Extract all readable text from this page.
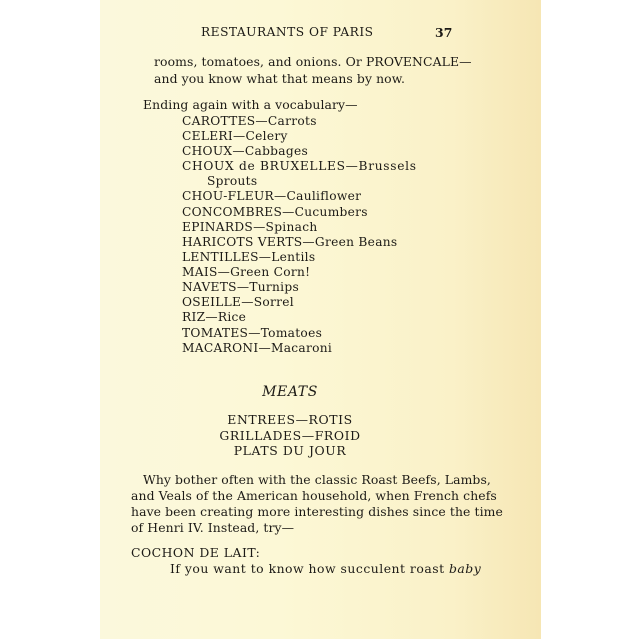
RESTAURANTS OF PARIS	37
rooms, tomatoes, and onions. Or PROVENCALE—
and you know what that means by now.
Ending again with a vocabulary—
CAROTTES—Carrots
CELERI—Celery
CHOUX—Cabbages
CHOUX de BRUXELLES—Brussels
Sprouts
CHOU-FLEUR—Cauliflower
CONCOMBRES—Cucumbers
EPINARDS—Spinach
HARICOTS VERTS—Green Beans
LENTILLES—Lentils
MAIS—Green Corn!
NAVETS—Turnips
OSEILLE—Sorrel
RIZ—Rice
TOMATES—Tomatoes
MACARONI—Macaroni
MEATS
ENTREES—ROTIS
GRILLADES—FROID
PLATS DU JOUR
Why bother often with the classic Roast Beefs, Lambs,
and Veals of the American household, when French chefs
have been creating more interesting dishes since the time
of Henri IV. Instead, try—
COCHON DE LAIT:
If you want to know how succulent roast baby
